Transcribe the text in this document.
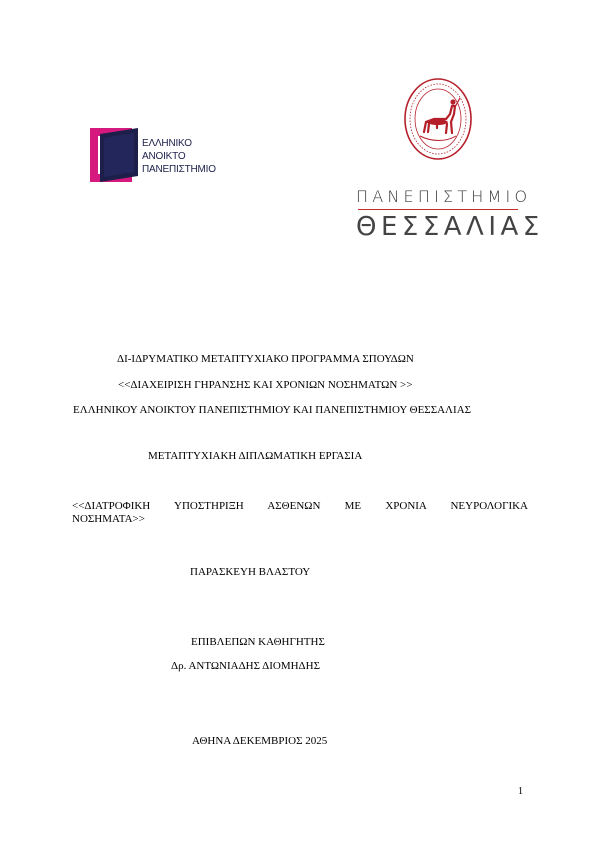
ΕΛΛΗΝΙΚΟ
ΑΝΟΙΚΤΟ
ΠΑΝΕΠΙΣΤΗΜΙΟ
ΠΑΝΕΠΙΣΤΗΜΙΟ
ΘΕΣΣΑΛΙΑΣ
ΔΙ-ΙΔΡΥΜΑΤΙΚΟ ΜΕΤΑΠΤΥΧΙΑΚΟ ΠΡΟΓΡΑΜΜΑ ΣΠΟΥΔΩΝ
<<ΔΙΑΧΕΙΡΙΣΗ ΓΗΡΑΝΣΗΣ ΚΑΙ ΧΡΟΝΙΩΝ ΝΟΣΗΜΑΤΩΝ >>
ΕΛΛΗΝΙΚΟΥ ΑΝΟΙΚΤΟΥ ΠΑΝΕΠΙΣΤΗΜΙΟΥ ΚΑΙ ΠΑΝΕΠΙΣΤΗΜΙΟΥ ΘΕΣΣΑΛΙΑΣ
ΜΕΤΑΠΤΥΧΙΑΚΗ ΔΙΠΛΩΜΑΤΙΚΗ ΕΡΓΑΣΙΑ
<<ΔΙΑΤΡΟΦΙΚΗ ΥΠΟΣΤΗΡΙΞΗ ΑΣΘΕΝΩΝ ΜΕ ΧΡΟΝΙΑ ΝΕΥΡΟΛΟΓΙΚΑ
ΝΟΣΗΜΑΤΑ>>
ΠΑΡΑΣΚΕΥΗ ΒΛΑΣΤΟΥ
ΕΠΙΒΛΕΠΩΝ ΚΑΘΗΓΗΤΗΣ
Δρ. ΑΝΤΩΝΙΑΔΗΣ ΔΙΟΜΗΔΗΣ
ΑΘΗΝΑ ΔΕΚΕΜΒΡΙΟΣ 2025
1
